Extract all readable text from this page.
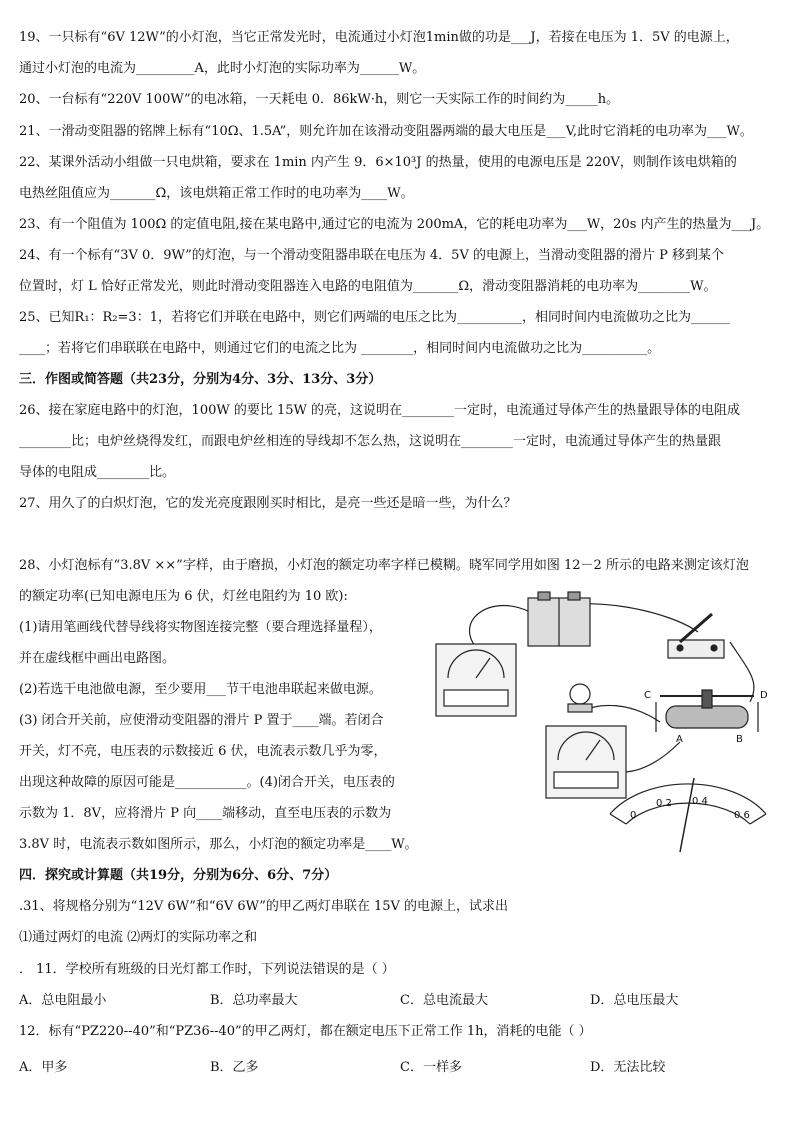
19、一只标有“6V 12W”的小灯泡，当它正常发光时，电流通过小灯泡1min做的功是___J，若接在电压为 1．5V 的电源上，
通过小灯泡的电流为_________A，此时小灯泡的实际功率为______W。
20、一台标有“220V 100W”的电冰箱，一天耗电 0．86kW·h，则它一天实际工作的时间约为_____h。
21、一滑动变阻器的铭牌上标有“10Ω、1.5A”，则允许加在该滑动变阻器两端的最大电压是___V,此时它消耗的电功率为___W。
22、某课外活动小组做一只电烘箱，要求在 1min 内产生 9．6×10³J 的热量，使用的电源电压是 220V，则制作该电烘箱的
电热丝阻值应为_______Ω，该电烘箱正常工作时的电功率为____W。
23、有一个阻值为 100Ω 的定值电阻,接在某电路中,通过它的电流为 200mA，它的耗电功率为___W，20s 内产生的热量为___J。
24、有一个标有“3V 0．9W”的灯泡，与一个滑动变阻器串联在电压为 4．5V 的电源上，当滑动变阻器的滑片 P 移到某个
位置时，灯 L 恰好正常发光，则此时滑动变阻器连入电路的电阻值为_______Ω，滑动变阻器消耗的电功率为________W。
25、已知R₁：R₂=3：1，若将它们并联在电路中，则它们两端的电压之比为__________，相同时间内电流做功之比为______
____；若将它们串联联在电路中，则通过它们的电流之比为 ________，相同时间内电流做功之比为__________。
三．作图或简答题（共23分，分别为4分、3分、13分、3分）
26、接在家庭电路中的灯泡，100W 的要比 15W 的亮，这说明在________一定时，电流通过导体产生的热量跟导体的电阻成
________比；电炉丝烧得发红，而跟电炉丝相连的导线却不怎么热，这说明在________一定时，电流通过导体产生的热量跟
导体的电阻成________比。
27、用久了的白炽灯泡，它的发光亮度跟刚买时相比，是亮一些还是暗一些，为什么？
28、小灯泡标有“3.8V ××”字样，由于磨损，小灯泡的额定功率字样已模糊。晓军同学用如图 12－2 所示的电路来测定该灯泡
的额定功率(已知电源电压为 6 伏，灯丝电阻约为 10 欧):
(1)请用笔画线代替导线将实物图连接完整（要合理选择量程），
并在虚线框中画出电路图。
(2)若选干电池做电源，至少要用___节干电池串联起来做电源。
(3) 闭合开关前，应使滑动变阻器的滑片 P 置于____端。若闭合
开关，灯不亮，电压表的示数接近 6 伏，电流表示数几乎为零，
出现这种故障的原因可能是___________。(4)闭合开关，电压表的
示数为 1．8V，应将滑片 P 向____端移动，直至电压表的示数为
3.8V 时，电流表示数如图所示，那么，小灯泡的额定功率是____W。
四．探究或计算题（共19分，分别为6分、6分、7分）
.31、将规格分别为“12V 6W”和“6V 6W”的甲乙两灯串联在 15V 的电源上，试求出
⑴通过两灯的电流 ⑵两灯的实际功率之和
． 11．学校所有班级的日光灯都工作时，下列说法错误的是（ ）
A．总电阻最小	B．总功率最大	C．总电流最大	D．总电压最大
12．标有“PZ220--40”和“PZ36--40”的甲乙两灯，都在额定电压下正常工作 1h，消耗的电能（ ）
A．甲多	B．乙多	C．一样多	D．无法比较
C	D
A	B
0
0.2 0.4
0.6
